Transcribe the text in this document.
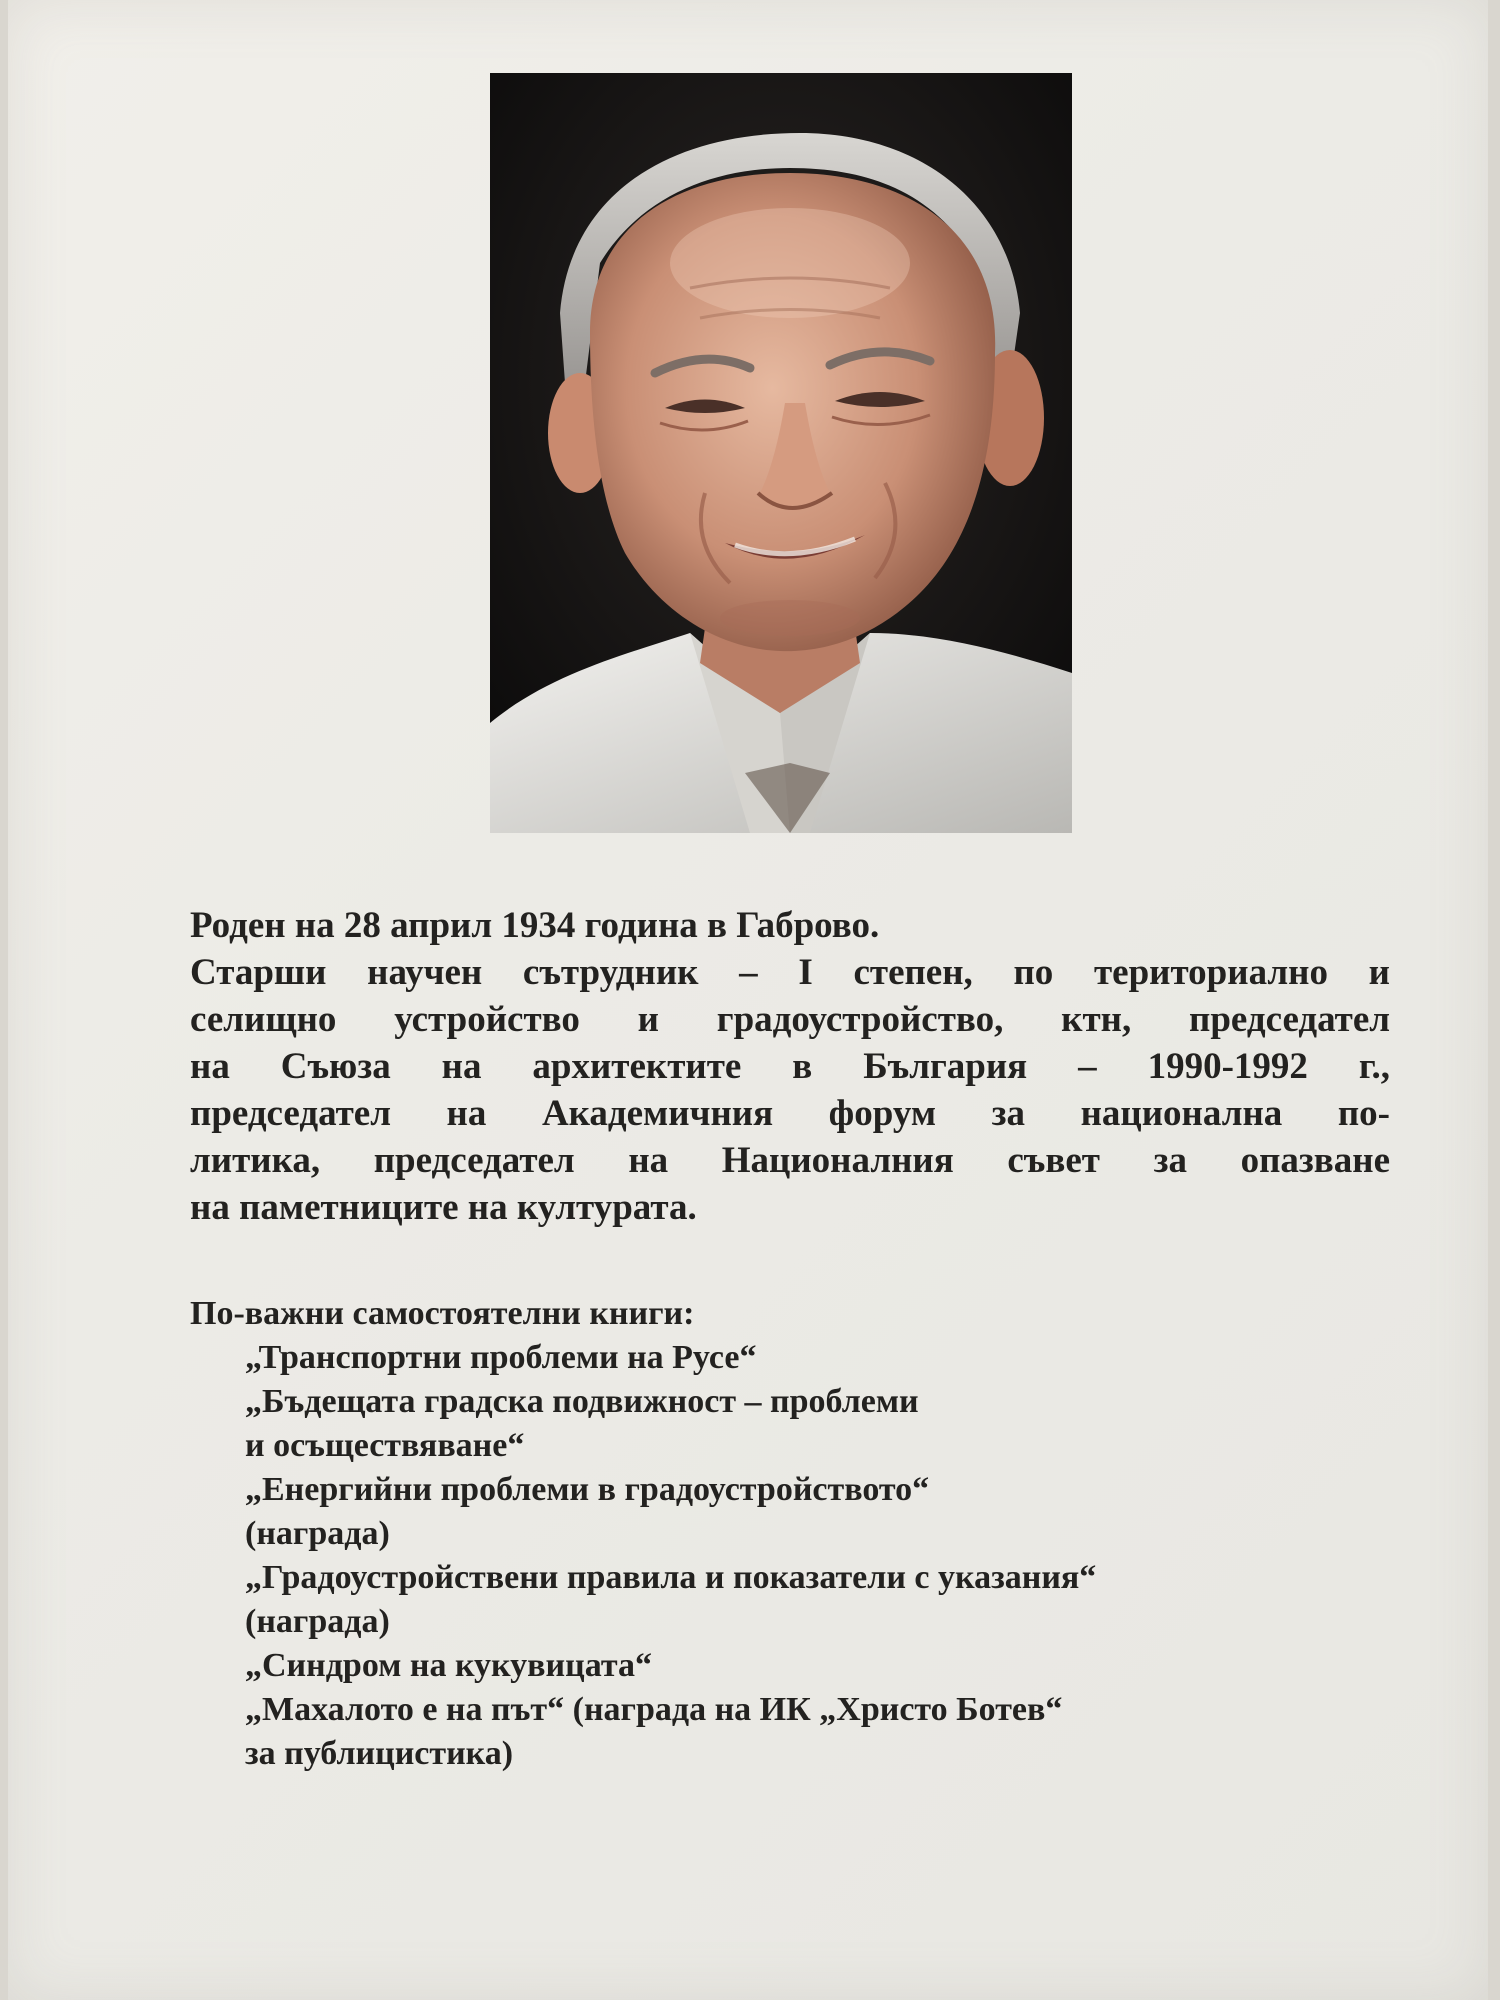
Роден на 28 април 1934 година в Габрово.
Старши научен сътрудник – I степен, по териториално и
селищно устройство и градоустройство, ктн, председател
на Съюза на архитектите в България – 1990-1992 г.,
председател на Академичния форум за национална по-
литика, председател на Националния съвет за опазване
на паметниците на културата.
По-важни самостоятелни книги:
„Транспортни проблеми на Русе“
„Бъдещата градска подвижност – проблеми
и осъществяване“
„Енергийни проблеми в градоустройството“
(награда)
„Градоустройствени правила и показатели с указания“
(награда)
„Синдром на кукувицата“
„Махалото е на път“ (награда на ИК „Христо Ботев“
за публицистика)
